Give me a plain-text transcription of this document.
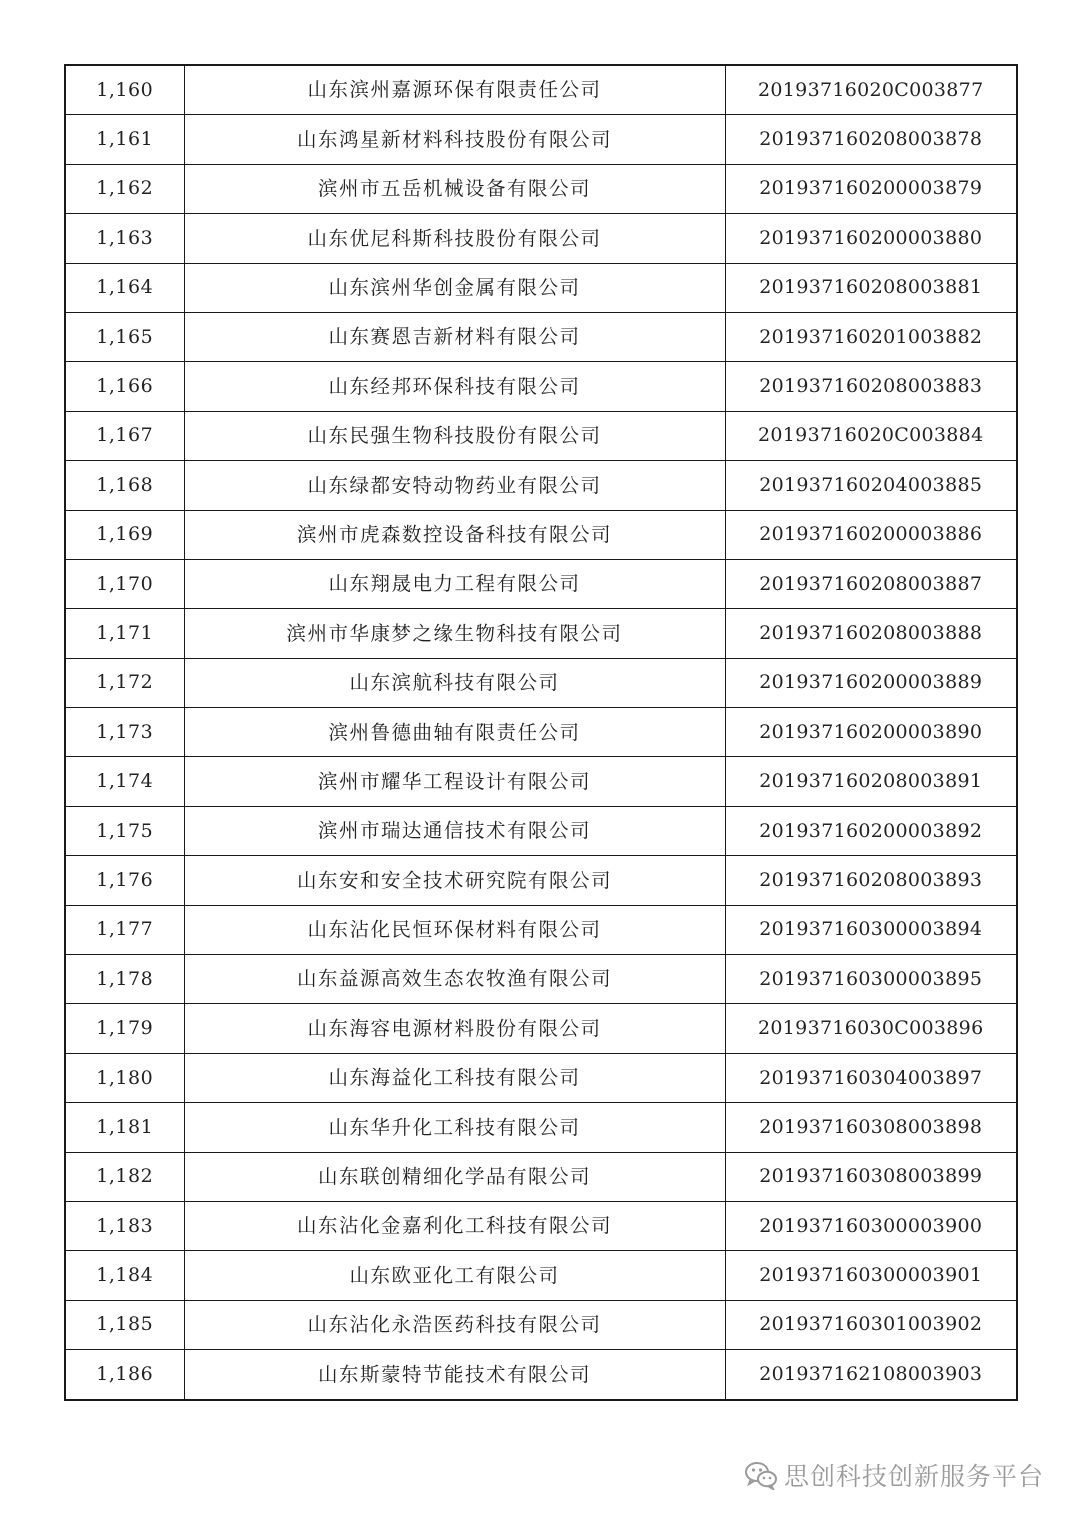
1,160	山东滨州嘉源环保有限责任公司	20193716020C003877
1,161	山东鸿星新材料科技股份有限公司	201937160208003878
1,162	滨州市五岳机械设备有限公司	201937160200003879
1,163	山东优尼科斯科技股份有限公司	201937160200003880
1,164	山东滨州华创金属有限公司	201937160208003881
1,165	山东赛恩吉新材料有限公司	201937160201003882
1,166	山东经邦环保科技有限公司	201937160208003883
1,167	山东民强生物科技股份有限公司	20193716020C003884
1,168	山东绿都安特动物药业有限公司	201937160204003885
1,169	滨州市虎森数控设备科技有限公司	201937160200003886
1,170	山东翔晟电力工程有限公司	201937160208003887
1,171	滨州市华康梦之缘生物科技有限公司	201937160208003888
1,172	山东滨航科技有限公司	201937160200003889
1,173	滨州鲁德曲轴有限责任公司	201937160200003890
1,174	滨州市耀华工程设计有限公司	201937160208003891
1,175	滨州市瑞达通信技术有限公司	201937160200003892
1,176	山东安和安全技术研究院有限公司	201937160208003893
1,177	山东沾化民恒环保材料有限公司	201937160300003894
1,178	山东益源高效生态农牧渔有限公司	201937160300003895
1,179	山东海容电源材料股份有限公司	20193716030C003896
1,180	山东海益化工科技有限公司	201937160304003897
1,181	山东华升化工科技有限公司	201937160308003898
1,182	山东联创精细化学品有限公司	201937160308003899
1,183	山东沾化金嘉利化工科技有限公司	201937160300003900
1,184	山东欧亚化工有限公司	201937160300003901
1,185	山东沾化永浩医药科技有限公司	201937160301003902
1,186	山东斯蒙特节能技术有限公司	201937162108003903
思创科技创新服务平台
